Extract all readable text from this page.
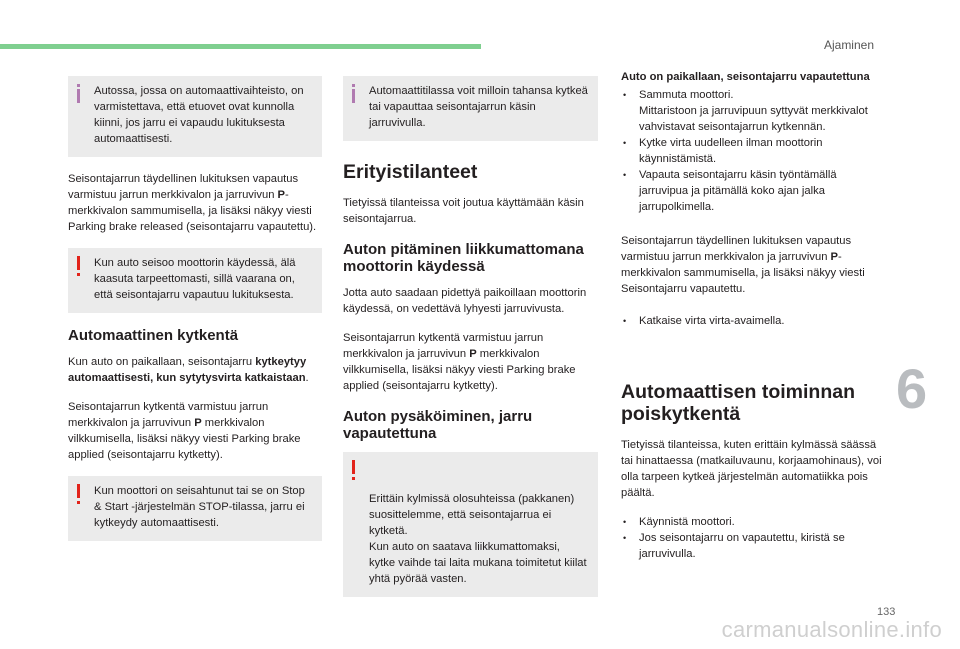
Ajaminen
6
133
carmanualsonline.info
Autossa, jossa on automaattivaihteisto, on varmistettava, että etuovet ovat kunnolla kiinni, jos jarru ei vapaudu lukituksesta automaattisesti.

Seisontajarrun täydellinen lukituksen vapautus varmistuu jarrun merkkivalon ja jarruvivun P-merkkivalon sammumisella, ja lisäksi näkyy viesti Parking brake released (seisontajarru vapautettu).

Kun auto seisoo moottorin käydessä, älä kaasuta tarpeettomasti, sillä vaarana on, että seisontajarru vapautuu lukituksesta.
Automaattinen kytkentä

Kun auto on paikallaan, seisontajarru kytkeytyy automaattisesti, kun sytytysvirta katkaistaan.

Seisontajarrun kytkentä varmistuu jarrun merkkivalon ja jarruvivun P merkkivalon vilkkumisella, lisäksi näkyy viesti Parking brake applied (seisontajarru kytketty).

Kun moottori on seisahtunut tai se on Stop & Start -järjestelmän STOP-tilassa, jarru ei kytkeydy automaattisesti.
Automaattitilassa voit milloin tahansa kytkeä tai vapauttaa seisontajarrun käsin jarruvivulla.
Erityistilanteet

Tietyissä tilanteissa voit joutua käyttämään käsin seisontajarrua.

Auton pitäminen liikkumattomana moottorin käydessä

Jotta auto saadaan pidettyä paikoillaan moottorin käydessä, on vedettävä lyhyesti jarruvivusta.

Seisontajarrun kytkentä varmistuu jarrun merkkivalon ja jarruvivun P merkkivalon vilkkumisella, lisäksi näkyy viesti Parking brake applied (seisontajarru kytketty).

Auton pysäköiminen, jarru vapautettuna

Erittäin kylmissä olosuhteissa (pakkanen) suosittelemme, että seisontajarrua ei kytketä.
Kun auto on saatava liikkumattomaksi, kytke vaihde tai laita mukana toimitetut kiilat yhtä pyörää vasten.

Auto on paikallaan, seisontajarru vapautettuna

• Sammuta moottori.
Mittaristoon ja jarruvipuun syttyvät merkkivalot vahvistavat seisontajarrun kytkennän.
• Kytke virta uudelleen ilman moottorin käynnistämistä.
• Vapauta seisontajarru käsin työntämällä jarruvipua ja pitämällä koko ajan jalka jarrupolkimella.

Seisontajarrun täydellinen lukituksen vapautus varmistuu jarrun merkkivalon ja jarruvivun P-merkkivalon sammumisella, ja lisäksi näkyy viesti Seisontajarru vapautettu.

• Katkaise virta virta-avaimella.
Automaattisen toiminnan poiskytkentä

Tietyissä tilanteissa, kuten erittäin kylmässä säässä tai hinattaessa (matkailuvaunu, korjaamohinaus), voi olla tarpeen kytkeä järjestelmän automatiikka pois päältä.

• Käynnistä moottori.
• Jos seisontajarru on vapautettu, kiristä se jarruvivulla.
